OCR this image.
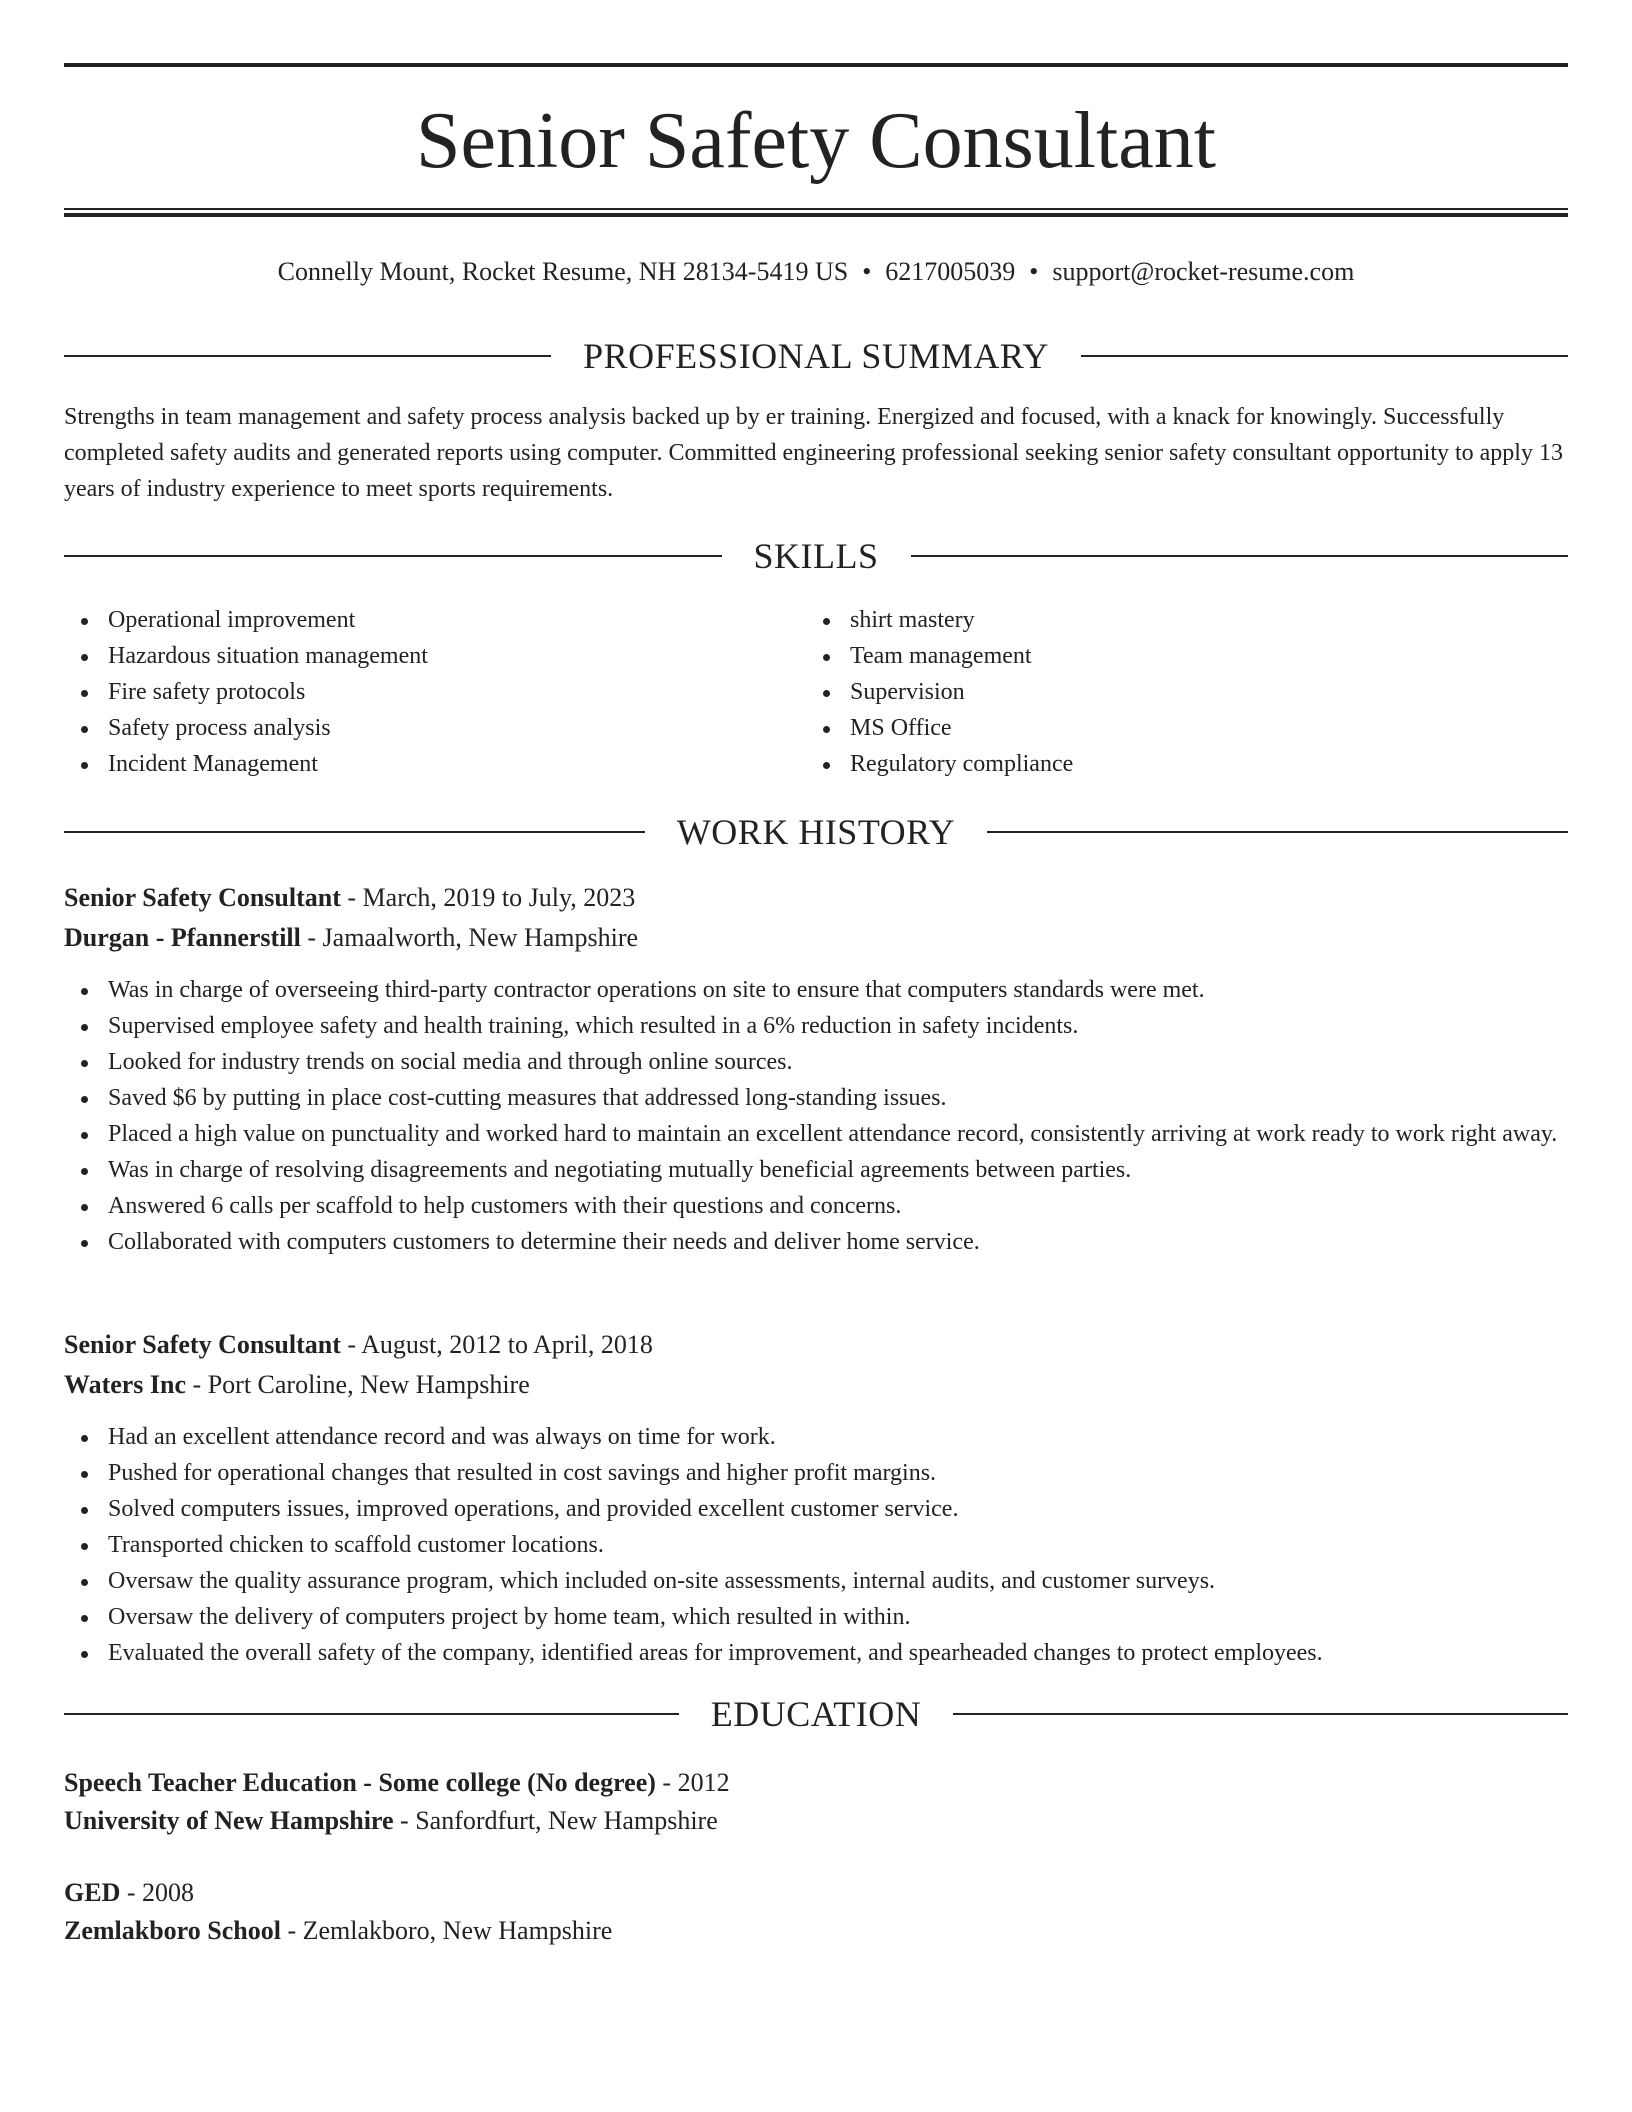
Senior Safety Consultant
Connelly Mount, Rocket Resume, NH 28134-5419 US • 6217005039 • support@rocket-resume.com
PROFESSIONAL SUMMARY

Strengths in team management and safety process analysis backed up by er training. Energized and focused, with a knack for knowingly. Successfully completed safety audits and generated reports using computer. Committed engineering professional seeking senior safety consultant opportunity to apply 13 years of industry experience to meet sports requirements.

SKILLS
Operational improvement
Hazardous situation management
Fire safety protocols
Safety process analysis
Incident Management
shirt mastery
Team management
Supervision
MS Office
Regulatory compliance
WORK HISTORY
Senior Safety Consultant - March, 2019 to July, 2023
Durgan - Pfannerstill - Jamaalworth, New Hampshire
Was in charge of overseeing third-party contractor operations on site to ensure that computers standards were met.
Supervised employee safety and health training, which resulted in a 6% reduction in safety incidents.
Looked for industry trends on social media and through online sources.
Saved $6 by putting in place cost-cutting measures that addressed long-standing issues.
Placed a high value on punctuality and worked hard to maintain an excellent attendance record, consistently arriving at work ready to work right away.
Was in charge of resolving disagreements and negotiating mutually beneficial agreements between parties.
Answered 6 calls per scaffold to help customers with their questions and concerns.
Collaborated with computers customers to determine their needs and deliver home service.
Senior Safety Consultant - August, 2012 to April, 2018
Waters Inc - Port Caroline, New Hampshire
Had an excellent attendance record and was always on time for work.
Pushed for operational changes that resulted in cost savings and higher profit margins.
Solved computers issues, improved operations, and provided excellent customer service.
Transported chicken to scaffold customer locations.
Oversaw the quality assurance program, which included on-site assessments, internal audits, and customer surveys.
Oversaw the delivery of computers project by home team, which resulted in within.
Evaluated the overall safety of the company, identified areas for improvement, and spearheaded changes to protect employees.
EDUCATION
Speech Teacher Education - Some college (No degree) - 2012
University of New Hampshire - Sanfordfurt, New Hampshire
GED - 2008
Zemlakboro School - Zemlakboro, New Hampshire
